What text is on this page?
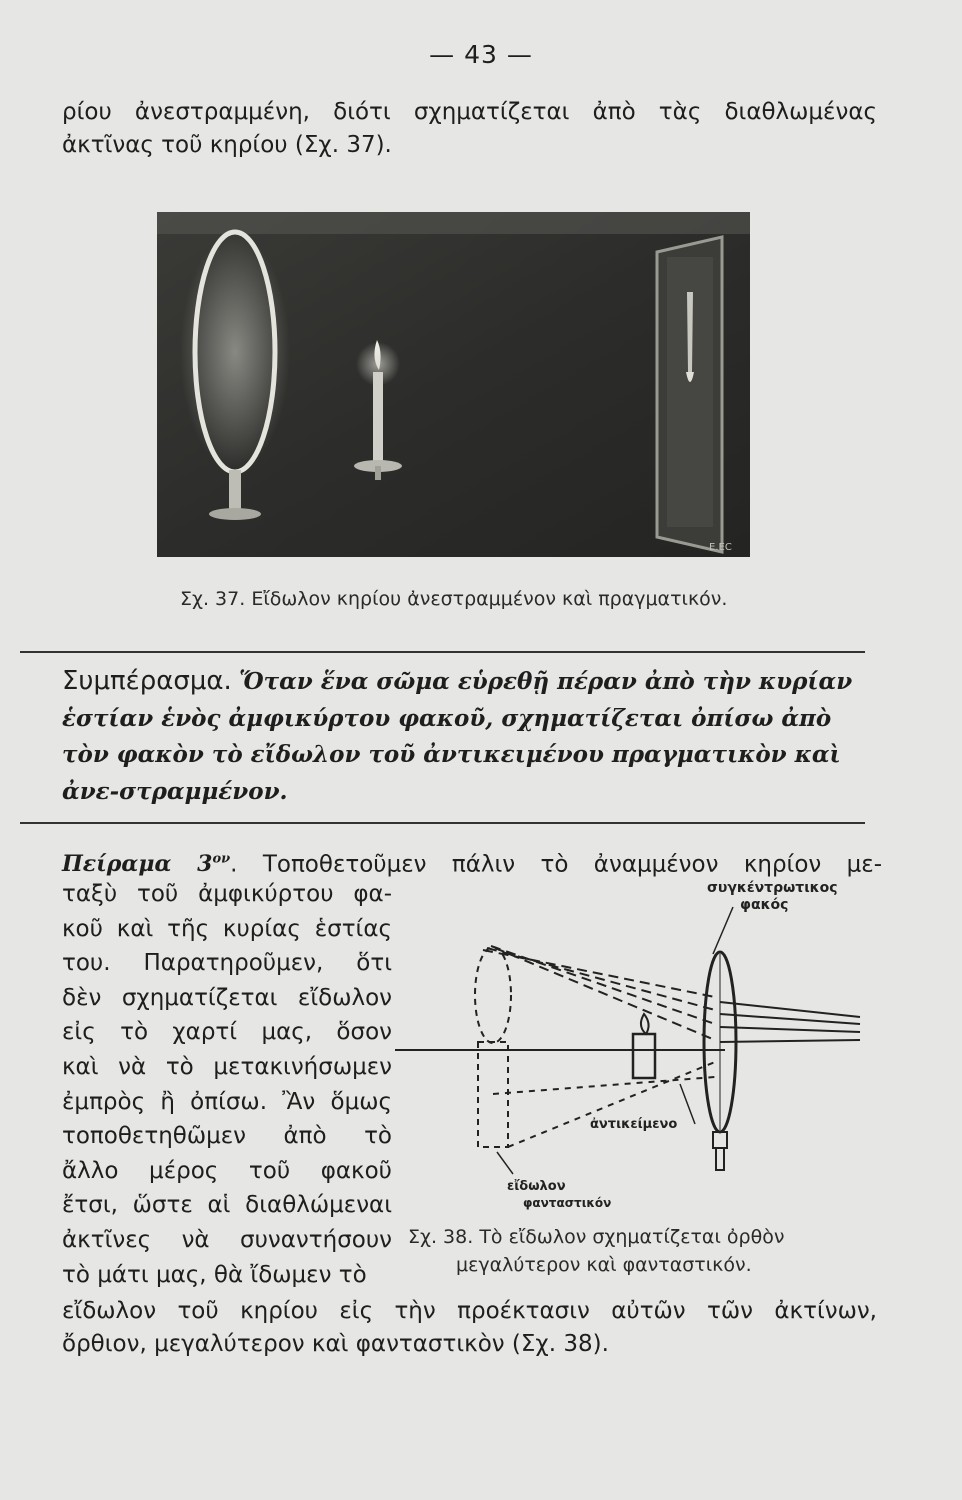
— 43 —

ρίου ἀνεστραμμένη, διότι σχηματίζεται ἀπὸ τὰς διαθλωμένας ἀκτῖνας τοῦ κηρίου (Σχ. 37).

E.EC
Σχ. 37. Εἴδωλον κηρίου ἀνεστραμμένον καὶ πραγματικόν.
Συμπέρασμα. Ὅταν ἕνα σῶμα εὑρεθῇ πέραν ἀπὸ τὴν κυρίαν ἑστίαν ἑνὸς ἀμφικύρτου φακοῦ, σχηματίζεται ὀπίσω ἀπὸ τὸν φακὸν τὸ εἴδωλον τοῦ ἀντικειμένου πραγματικὸν καὶ ἀνε-στραμμένον.
Πείραμα $3^{o\nu}$. Τοποθετοῦμεν πάλιν τὸ ἀναμμένον κηρίον με-
ταξὺ τοῦ ἀμφικύρτου φα-
κοῦ καὶ τῆς κυρίας ἑστίας
του. Παρατηροῦμεν, ὅτι
δὲν σχηματίζεται εἴδωλον
εἰς τὸ χαρτί μας, ὅσον
καὶ νὰ τὸ μετακινήσωμεν
ἐμπρὸς ἢ ὀπίσω. Ἂν ὅμως
τοποθετηθῶμεν ἀπὸ τὸ
ἄλλο μέρος τοῦ φακοῦ
ἔτσι, ὥστε αἱ διαθλώμεναι
ἀκτῖνες νὰ συναντήσουν
τὸ μάτι μας, θὰ ἴδωμεν τὸ
συγκέντρωτικος
φακός
ἀντικείμενο
εἴδωλον
φανταστικόν
Σχ. 38. Τὸ εἴδωλον σχηματίζεται ὀρθὸν
μεγαλύτερον καὶ φανταστικόν.
εἴδωλον τοῦ κηρίου εἰς τὴν προέκτασιν αὐτῶν τῶν ἀκτίνων,
ὄρθιον, μεγαλύτερον καὶ φανταστικὸν (Σχ. 38).
